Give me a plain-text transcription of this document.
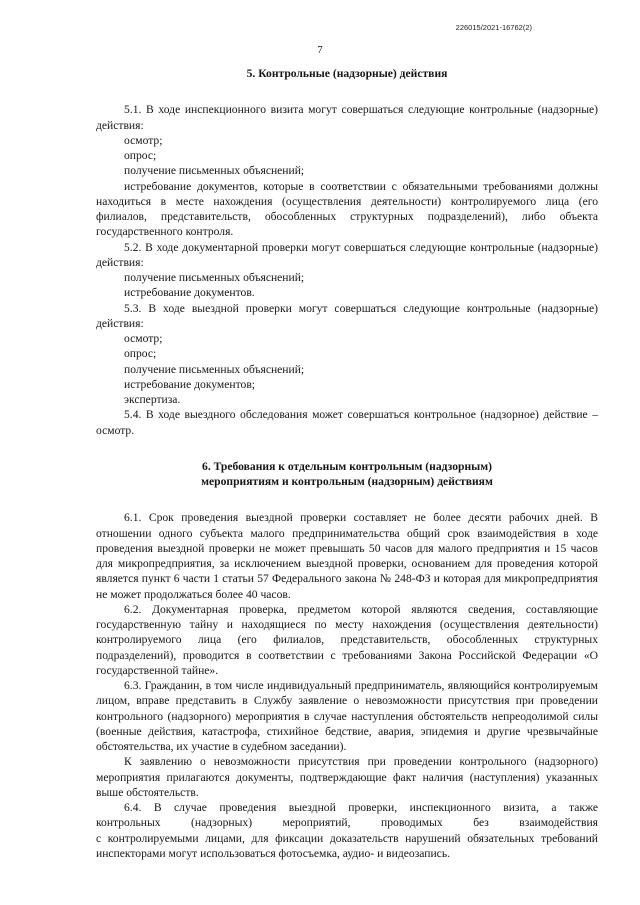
226015/2021-16762(2)
7

5. Контрольные (надзорные) действия

5.1. В ходе инспекционного визита могут совершаться следующие контрольные (надзорные) действия:

осмотр;

опрос;

получение письменных объяснений;

истребование документов, которые в соответствии с обязательными требованиями должны находиться в месте нахождения (осуществления деятельности) контролируемого лица (его филиалов, представительств, обособленных структурных подразделений), либо объекта государственного контроля.

5.2. В ходе документарной проверки могут совершаться следующие контрольные (надзорные) действия:

получение письменных объяснений;

истребование документов.

5.3. В ходе выездной проверки могут совершаться следующие контрольные (надзорные) действия:

осмотр;

опрос;

получение письменных объяснений;

истребование документов;

экспертиза.

5.4. В ходе выездного обследования может совершаться контрольное (надзорное) действие – осмотр.

6. Требования к отдельным контрольным (надзорным)

мероприятиям и контрольным (надзорным) действиям

6.1. Срок проведения выездной проверки составляет не более десяти рабочих дней. В отношении одного субъекта малого предпринимательства общий срок взаимодействия в ходе проведения выездной проверки не может превышать 50 часов для малого предприятия и 15 часов для микропредприятия, за исключением выездной проверки, основанием для проведения которой является пункт 6 части 1 статьи 57 Федерального закона № 248-ФЗ и которая для микропредприятия не может продолжаться более 40 часов.

6.2. Документарная проверка, предметом которой являются сведения, составляющие государственную тайну и находящиеся по месту нахождения (осуществления деятельности) контролируемого лица (его филиалов, представительств, обособленных структурных подразделений), проводится в соответствии с требованиями Закона Российской Федерации «О государственной тайне».

6.3. Гражданин, в том числе индивидуальный предприниматель, являющийся контролируемым лицом, вправе представить в Службу заявление о невозможности присутствия при проведении контрольного (надзорного) мероприятия в случае наступления обстоятельств непреодолимой силы (военные действия, катастрофа, стихийное бедствие, авария, эпидемия и другие чрезвычайные обстоятельства, их участие в судебном заседании).

К заявлению о невозможности присутствия при проведении контрольного (надзорного) мероприятия прилагаются документы, подтверждающие факт наличия (наступления) указанных выше обстоятельств.

6.4. В случае проведения выездной проверки, инспекционного визита, а также

контрольных (надзорных) мероприятий, проводимых без взаимодействия

с контролируемыми лицами, для фиксации доказательств нарушений обязательных требований инспекторами могут использоваться фотосъемка, аудио- и видеозапись.
